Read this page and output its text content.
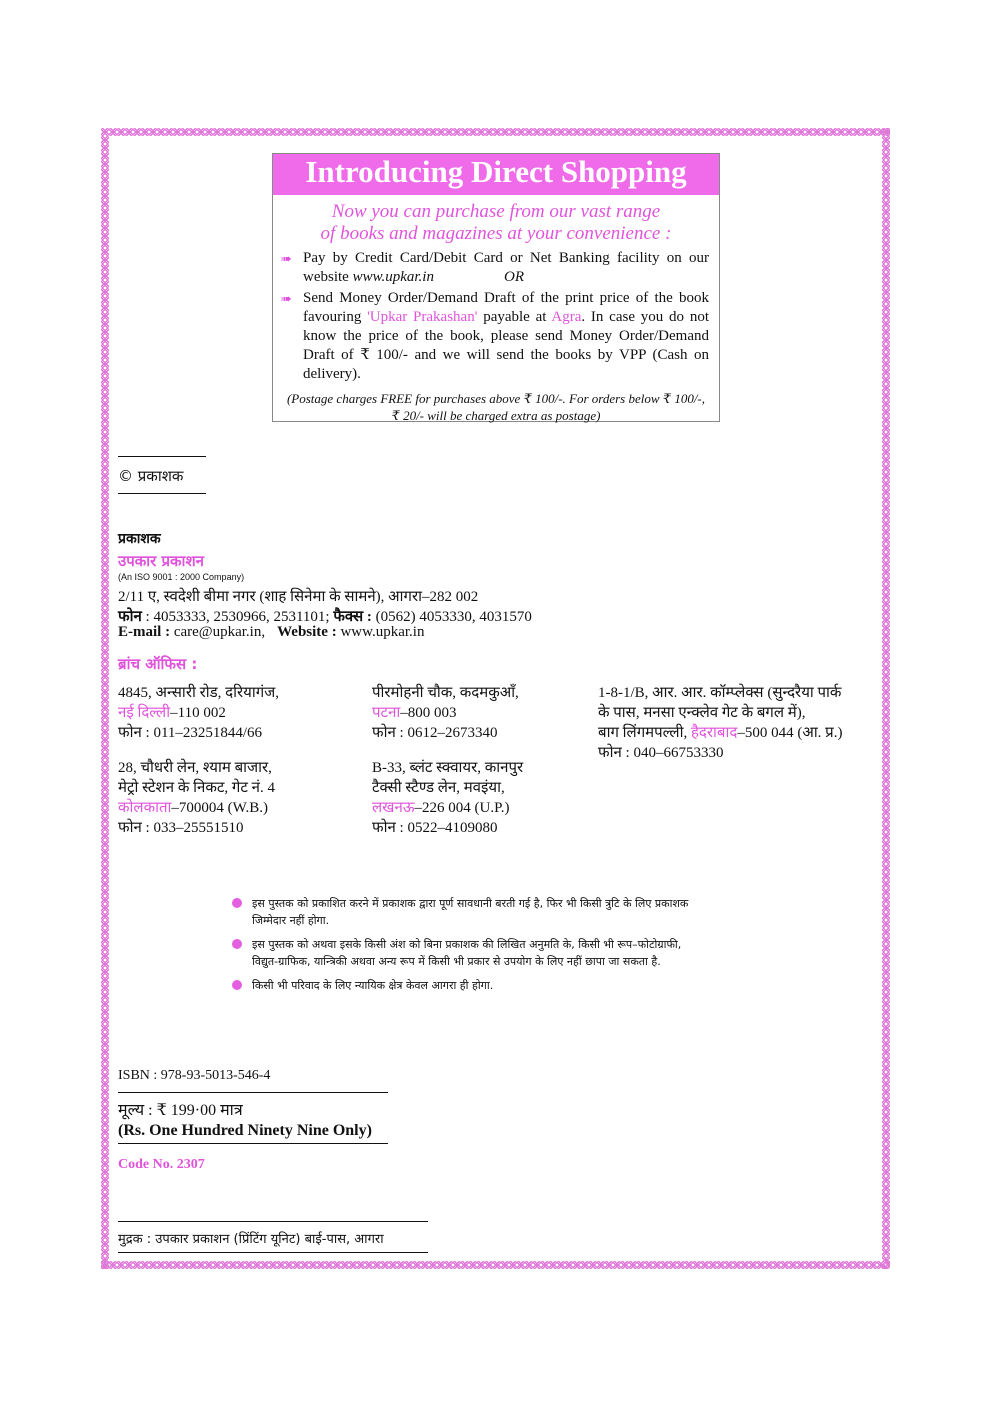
Introducing Direct Shopping
Now you can purchase from our vast range
of books and magazines at your convenience :
➠ Pay by Credit Card/Debit Card or Net Banking facility on our website www.upkar.in	OR
➠ Send Money Order/Demand Draft of the print price of the book favouring 'Upkar Prakashan' payable at Agra. In case you do not know the price of the book, please send Money Order/Demand Draft of ₹ 100/- and we will send the books by VPP (Cash on delivery).
(Postage charges FREE for purchases above ₹ 100/-. For orders below ₹ 100/-, ₹ 20/- will be charged extra as postage)
© प्रकाशक
प्रकाशक
उपकार प्रकाशन
(An ISO 9001 : 2000 Company)
2/11 ए, स्वदेशी बीमा नगर (शाह सिनेमा के सामने), आगरा–282 002
फोन : 4053333, 2530966, 2531101; फैक्स : (0562) 4053330, 4031570
E-mail : care@upkar.in, Website : www.upkar.in
ब्रांच ऑफिस :
4845, अन्सारी रोड, दरियागंज,
नई दिल्ली–110 002
फोन : 011–23251844/66
पीरमोहनी चौक, कदमकुआँ,
पटना–800 003
फोन : 0612–2673340
1-8-1/B, आर. आर. कॉम्प्लेक्स (सुन्दरैया पार्क
के पास, मनसा एन्क्लेव गेट के बगल में),
बाग लिंगमपल्ली, हैदराबाद–500 044 (आ. प्र.)
फोन : 040–66753330
28, चौधरी लेन, श्याम बाजार,
मेट्रो स्टेशन के निकट, गेट नं. 4
कोलकाता–700004 (W.B.)
फोन : 033–25551510
B-33, ब्लंट स्क्वायर, कानपुर
टैक्सी स्टैण्ड लेन, मवइंया,
लखनऊ–226 004 (U.P.)
फोन : 0522–4109080
इस पुस्तक को प्रकाशित करने में प्रकाशक द्वारा पूर्ण सावधानी बरती गई है, फिर भी किसी त्रुटि के लिए प्रकाशक
जिम्मेदार नहीं होगा.
इस पुस्तक को अथवा इसके किसी अंश को बिना प्रकाशक की लिखित अनुमति के, किसी भी रूप–फोटोग्राफी,
विद्युत-ग्राफिक, यान्त्रिकी अथवा अन्य रूप में किसी भी प्रकार से उपयोग के लिए नहीं छापा जा सकता है.
किसी भी परिवाद के लिए न्यायिक क्षेत्र केवल आगरा ही होगा.
ISBN : 978-93-5013-546-4
मूल्य : ₹ 199·00 मात्र
(Rs. One Hundred Ninety Nine Only)
Code No. 2307
मुद्रक : उपकार प्रकाशन (प्रिंटिंग यूनिट) बाई-पास, आगरा
